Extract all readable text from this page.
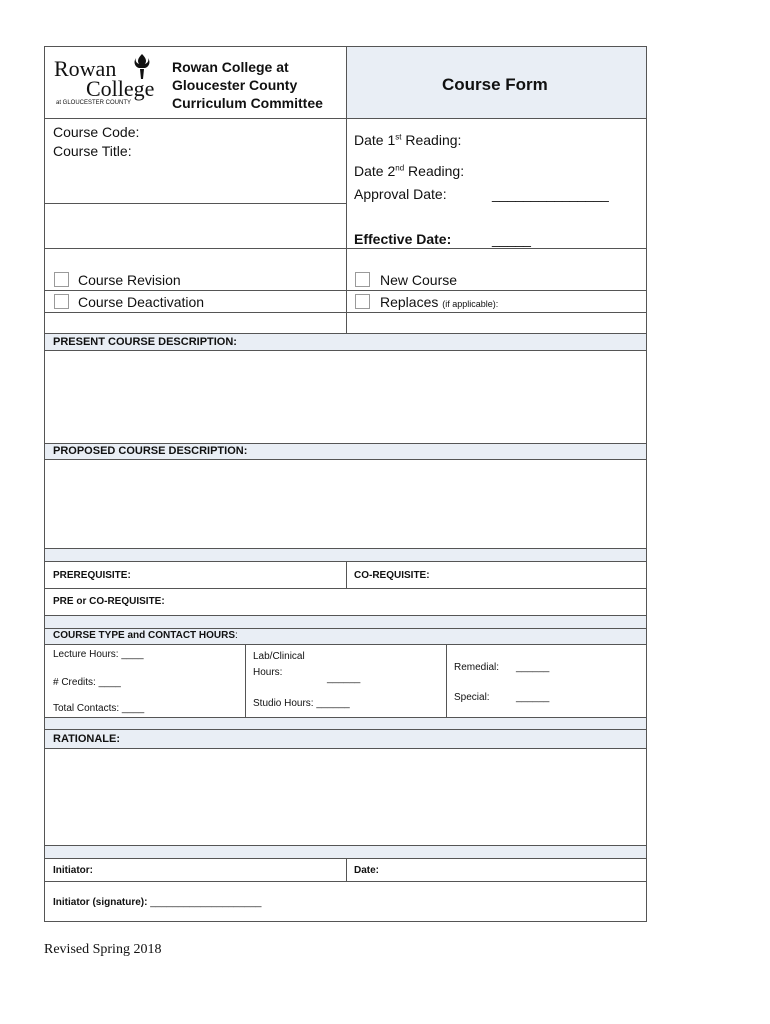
Rowan
College
at GLOUCESTER COUNTY
Rowan College at
Gloucester County
Curriculum Committee
Course Form
Course Code:
Course Title:
Date 1st Reading:
Date 2nd Reading:
Approval Date:	_______________
Effective Date:	_____
Course Revision	New Course
Course Deactivation	Replaces (if applicable):
PRESENT COURSE DESCRIPTION:
PROPOSED COURSE DESCRIPTION:
PREREQUISITE:	CO-REQUISITE:
PRE or CO-REQUISITE:
COURSE TYPE and CONTACT HOURS:
Lecture Hours: ____
# Credits: ____
Total Contacts: ____
Lab/Clinical
Hours:
______
Studio Hours: ______
Remedial: ______
Special:	______
RATIONALE:
Initiator:	Date:
Initiator (signature): ____________________
Revised Spring 2018
